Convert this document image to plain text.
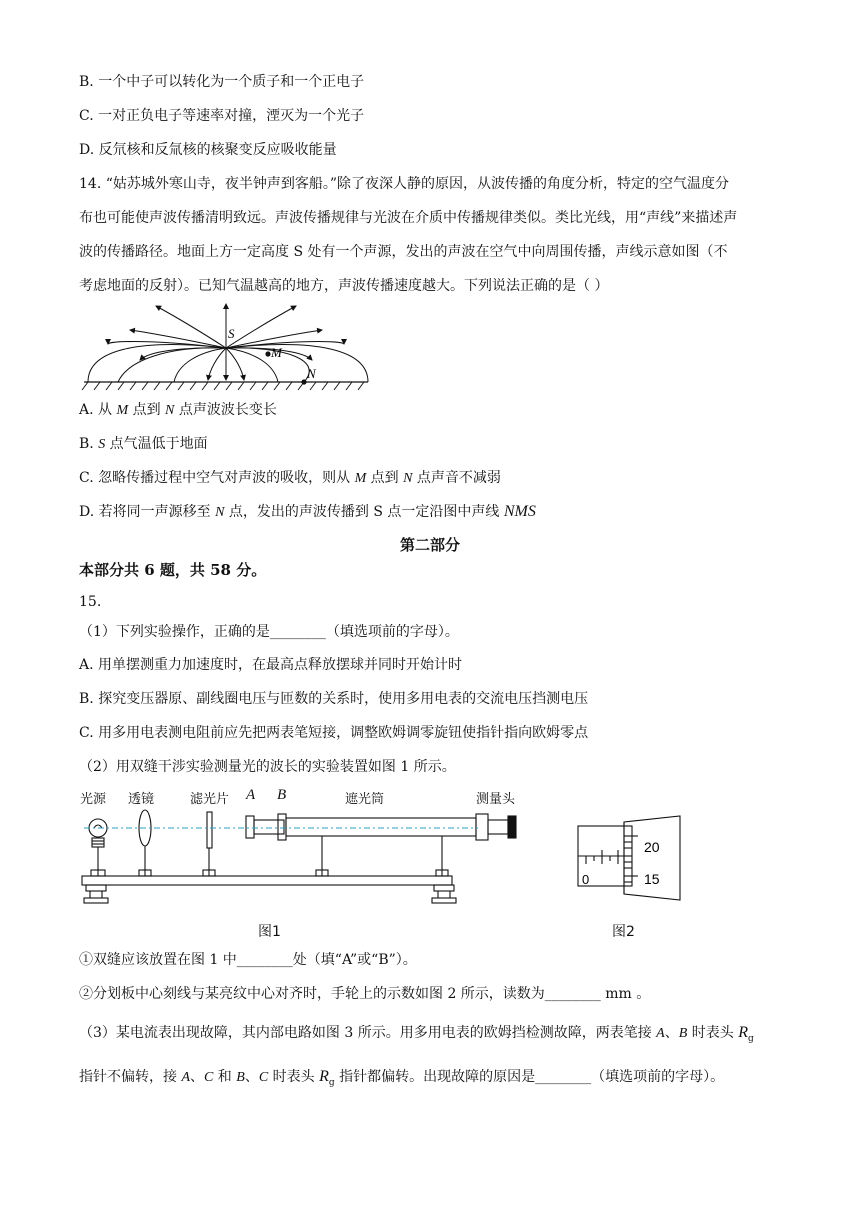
B. 一个中子可以转化为一个质子和一个正电子
C. 一对正负电子等速率对撞，湮灭为一个光子
D. 反氘核和反氚核的核聚变反应吸收能量
14. “姑苏城外寒山寺，夜半钟声到客船。”除了夜深人静的原因，从波传播的角度分析，特定的空气温度分
布也可能使声波传播清明致远。声波传播规律与光波在介质中传播规律类似。类比光线，用“声线”来描述声
波的传播路径。地面上方一定高度 S 处有一个声源，发出的声波在空气中向周围传播，声线示意如图（不
考虑地面的反射）。已知气温越高的地方，声波传播速度越大。下列说法正确的是（ ）
S
M
N
A. 从 M 点到 N 点声波波长变长
B. S 点气温低于地面
C. 忽略传播过程中空气对声波的吸收，则从 M 点到 N 点声音不减弱
D. 若将同一声源移至 N 点，发出的声波传播到 S 点一定沿图中声线 NMS
第二部分
本部分共 6 题，共 58 分。
15.
（1）下列实验操作，正确的是________（填选项前的字母）。
A. 用单摆测重力加速度时，在最高点释放摆球并同时开始计时
B. 探究变压器原、副线圈电压与匝数的关系时，使用多用电表的交流电压挡测电压
C. 用多用电表测电阻前应先把两表笔短接，调整欧姆调零旋钮使指针指向欧姆零点
（2）用双缝干涉实验测量光的波长的实验装置如图 1 所示。
光源 透镜	滤光片 A B	遮光筒	测量头
图1
20
15
0
图2
①双缝应该放置在图 1 中________处（填“A”或“B”）。
②分划板中心刻线与某亮纹中心对齐时，手轮上的示数如图 2 所示，读数为________ mm 。
（3）某电流表出现故障，其内部电路如图 3 所示。用多用电表的欧姆挡检测故障，两表笔接 A、B 时表头 $R_g$
指针不偏转，接 A、C 和 B、C 时表头 $R_g$ 指针都偏转。出现故障的原因是________（填选项前的字母）。
